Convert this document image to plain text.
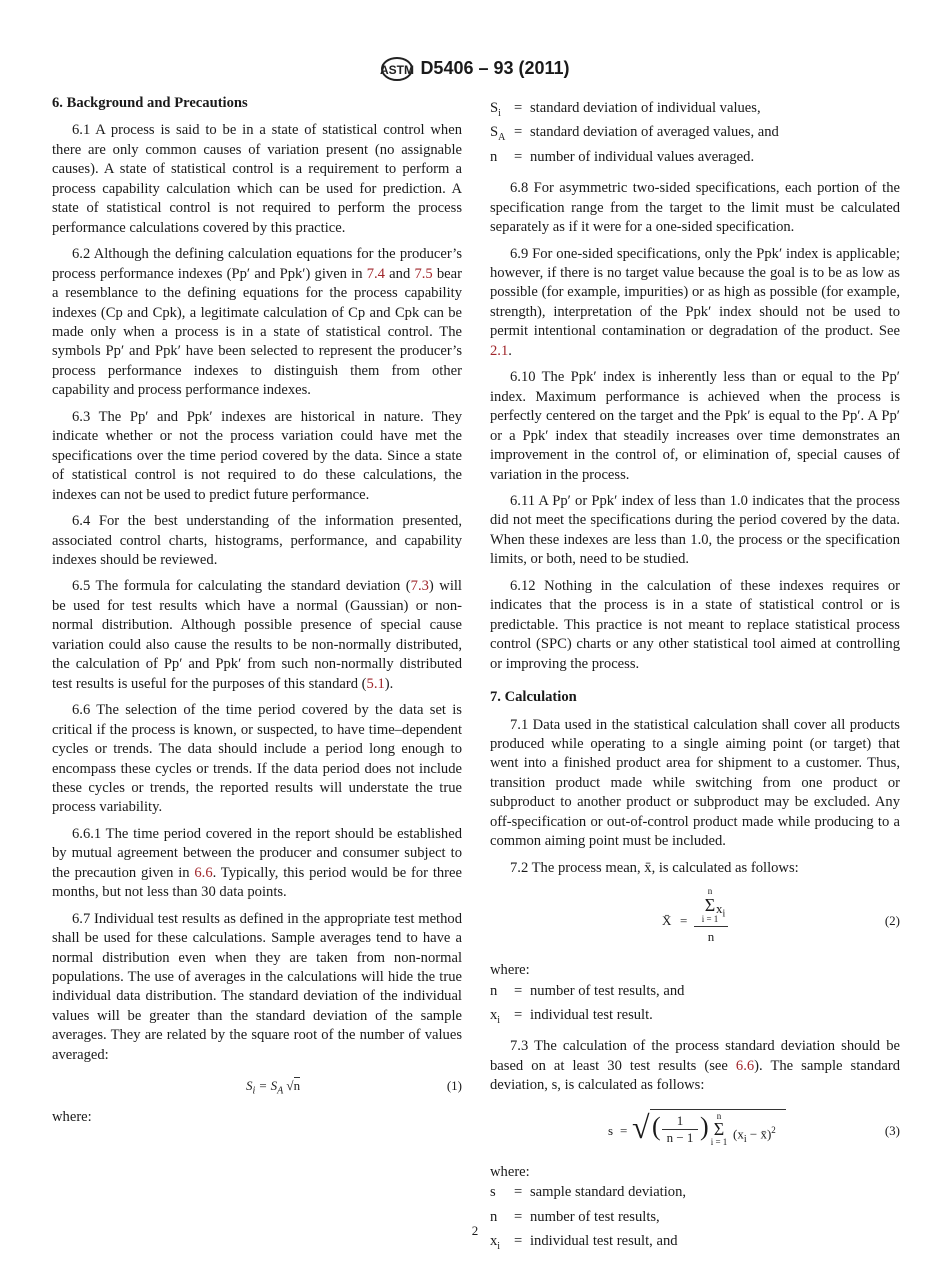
ASTM D5406 – 93 (2011)
6. Background and Precautions

6.1 A process is said to be in a state of statistical control when there are only common causes of variation present (no assignable causes). A state of statistical control is a requirement to perform a process capability calculation which can be used for prediction. A state of statistical control is not required to perform the process performance calculations covered by this practice.

6.2 Although the defining calculation equations for the producer’s process performance indexes (Pp′ and Ppk′) given in 7.4 and 7.5 bear a resemblance to the defining equations for the process capability indexes (Cp and Cpk), a legitimate calculation of Cp and Cpk can be made only when a process is in a state of statistical control. The symbols Pp′ and Ppk′ have been selected to represent the producer’s process performance indexes to distinguish them from other capability and process performance indexes.

6.3 The Pp′ and Ppk′ indexes are historical in nature. They indicate whether or not the process variation could have met the specifications over the time period covered by the data. Since a state of statistical control is not required to do these calculations, the indexes can not be used to predict future performance.

6.4 For the best understanding of the information presented, associated control charts, histograms, performance, and capability indexes should be reviewed.

6.5 The formula for calculating the standard deviation (7.3) will be used for test results which have a normal (Gaussian) or non-normal distribution. Although possible presence of special cause variation could also cause the results to be non-normally distributed, the calculation of Pp′ and Ppk′ from such non-normally distributed test results is useful for the purposes of this standard (5.1).

6.6 The selection of the time period covered by the data set is critical if the process is known, or suspected, to have time–dependent cycles or trends. The data should include a period long enough to encompass these cycles or trends. If the data period does not include these cycles or trends, the reported results will understate the true process variability.

6.6.1 The time period covered in the report should be established by mutual agreement between the producer and consumer subject to the precaution given in 6.6. Typically, this period would be for three months, but not less than 30 data points.

6.7 Individual test results as defined in the appropriate test method shall be used for these calculations. Sample averages tend to have a normal distribution even when they are taken from non-normal populations. The use of averages in the calculations will hide the true individual data distribution. The standard deviation of the individual values will be greater than the standard deviation of the sample averages. They are related by the square root of the number of values averaged:

$S_i = S_A$ √n	(1)
where:
$S_i$ = standard deviation of individual values,
$S_A$ = standard deviation of averaged values, and
n	= number of individual values averaged.

6.8 For asymmetric two-sided specifications, each portion of the specification range from the target to the limit must be calculated separately as if it were for a one-sided specification.

6.9 For one-sided specifications, only the Ppk′ index is applicable; however, if there is no target value because the goal is to be as low as possible (for example, impurities) or as high as possible (for example, strength), interpretation of the Ppk′ index should not be used to permit intentional contamination or degradation of the product. See 2.1.

6.10 The Ppk′ index is inherently less than or equal to the Pp′ index. Maximum performance is achieved when the process is perfectly centered on the target and the Ppk′ is equal to the Pp′. A Pp′ or a Ppk′ index that steadily increases over time demonstrates an improvement in the control of, or elimination of, special causes of variation in the process.

6.11 A Pp′ or Ppk′ index of less than 1.0 indicates that the process did not meet the specifications during the period covered by the data. When these indexes are less than 1.0, the process or the specification limits, or both, need to be studied.

6.12 Nothing in the calculation of these indexes requires or indicates that the process is in a state of statistical control or is predictable. This practice is not meant to replace statistical process control (SPC) charts or any other statistical tool aimed at controlling or improving the process.

7. Calculation

7.1 Data used in the statistical calculation shall cover all products produced while operating to a single aiming point (or target) that went into a finished product area for shipment to a customer. Thus, transition product made while switching from one product or subproduct to another product or subproduct may be excluded. Any off-specification or out-of-control product made while producing to a common aiming point must be included.

7.2 The process mean, x̄, is calculated as follows:

X̄ =
n
Σ
i = 1
$x_i$
n
(2)
where:
n	= number of test results, and
$x_i$ = individual test result.

7.3 The calculation of the process standard deviation should be based on at least 30 test results (see 6.6). The sample standard deviation, s, is calculated as follows:

s = √ ( $\frac{1}{n - 1}$ ) n
Σ
i = 1
($x_i$ − x̄)$^2$	(3)
where:
s	= sample standard deviation,
n	= number of test results,
$x_i$ = individual test result, and
2
